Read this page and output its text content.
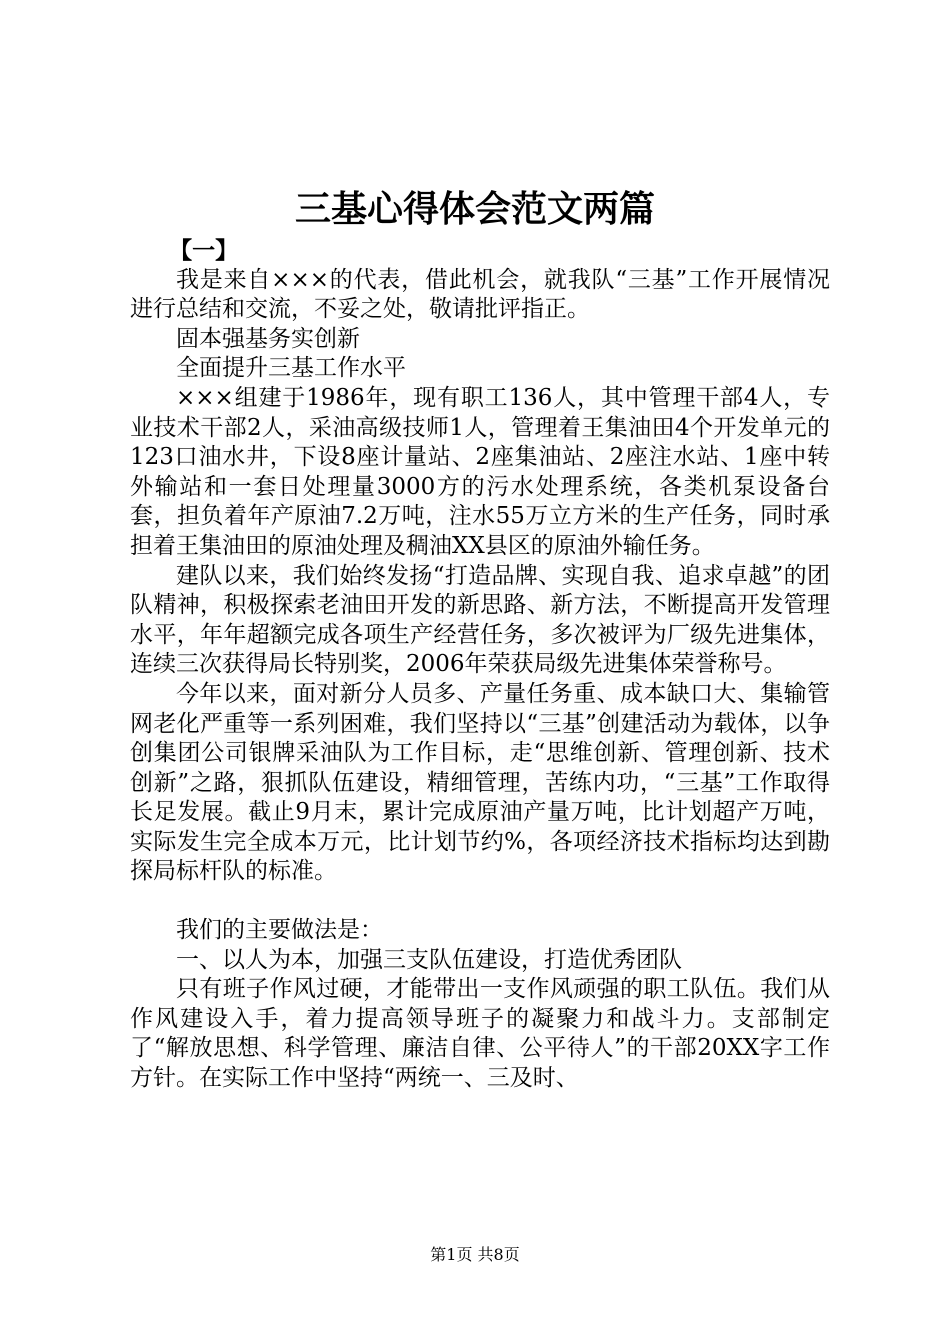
三基心得体会范文两篇

【一】

我是来自×××的代表，借此机会，就我队“三基”工作开展情况进行总结和交流，不妥之处，敬请批评指正。

固本强基务实创新

全面提升三基工作水平

×××组建于1986年，现有职工136人，其中管理干部4人，专业技术干部2人，采油高级技师1人，管理着王集油田4个开发单元的123口油水井，下设8座计量站、2座集油站、2座注水站、1座中转外输站和一套日处理量3000方的污水处理系统，各类机泵设备台套，担负着年产原油7.2万吨，注水55万立方米的生产任务，同时承担着王集油田的原油处理及稠油XX县区的原油外输任务。

建队以来，我们始终发扬“打造品牌、实现自我、追求卓越”的团队精神，积极探索老油田开发的新思路、新方法，不断提高开发管理水平，年年超额完成各项生产经营任务，多次被评为厂级先进集体，连续三次获得局长特别奖，2006年荣获局级先进集体荣誉称号。

今年以来，面对新分人员多、产量任务重、成本缺口大、集输管网老化严重等一系列困难，我们坚持以“三基”创建活动为载体，以争创集团公司银牌采油队为工作目标，走“思维创新、管理创新、技术创新”之路，狠抓队伍建设，精细管理，苦练内功，“三基”工作取得长足发展。截止9月末，累计完成原油产量万吨，比计划超产万吨，实际发生完全成本万元，比计划节约%，各项经济技术指标均达到勘探局标杆队的标准。

我们的主要做法是：

一、以人为本，加强三支队伍建设，打造优秀团队

只有班子作风过硬，才能带出一支作风顽强的职工队伍。我们从作风建设入手，着力提高领导班子的凝聚力和战斗力。支部制定了“解放思想、科学管理、廉洁自律、公平待人”的干部20XX字工作方针。在实际工作中坚持“两统一、三及时、

第1页 共8页
